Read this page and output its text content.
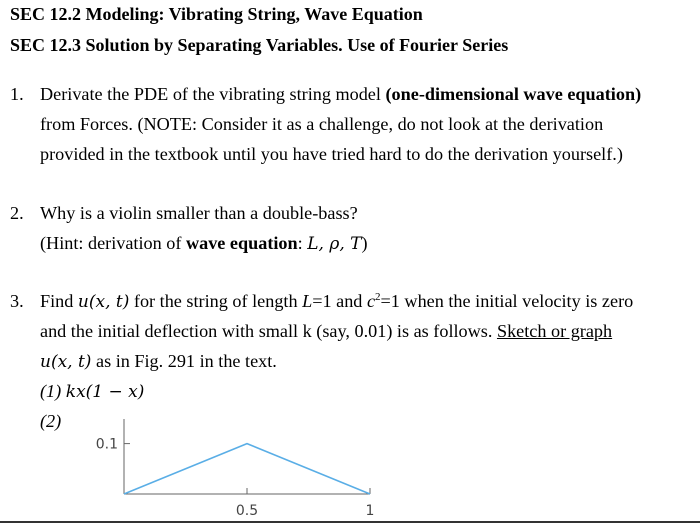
SEC 12.2 Modeling: Vibrating String, Wave Equation
SEC 12.3 Solution by Separating Variables. Use of Fourier Series
1. Derivate the PDE of the vibrating string model (one-dimensional wave equation)
from Forces. (NOTE: Consider it as a challenge, do not look at the derivation
provided in the textbook until you have tried hard to do the derivation yourself.)
2. Why is a violin smaller than a double-bass?
(Hint: derivation of wave equation: L, ρ, T)
3. Find u(x, t) for the string of length L=1 and $c^2=1$ when the initial velocity is zero
and the initial deflection with small k (say, 0.01) is as follows. Sketch or graph
u(x, t) as in Fig. 291 in the text.
(1) kx(1 − x)
(2)
0.1
0.5	1
